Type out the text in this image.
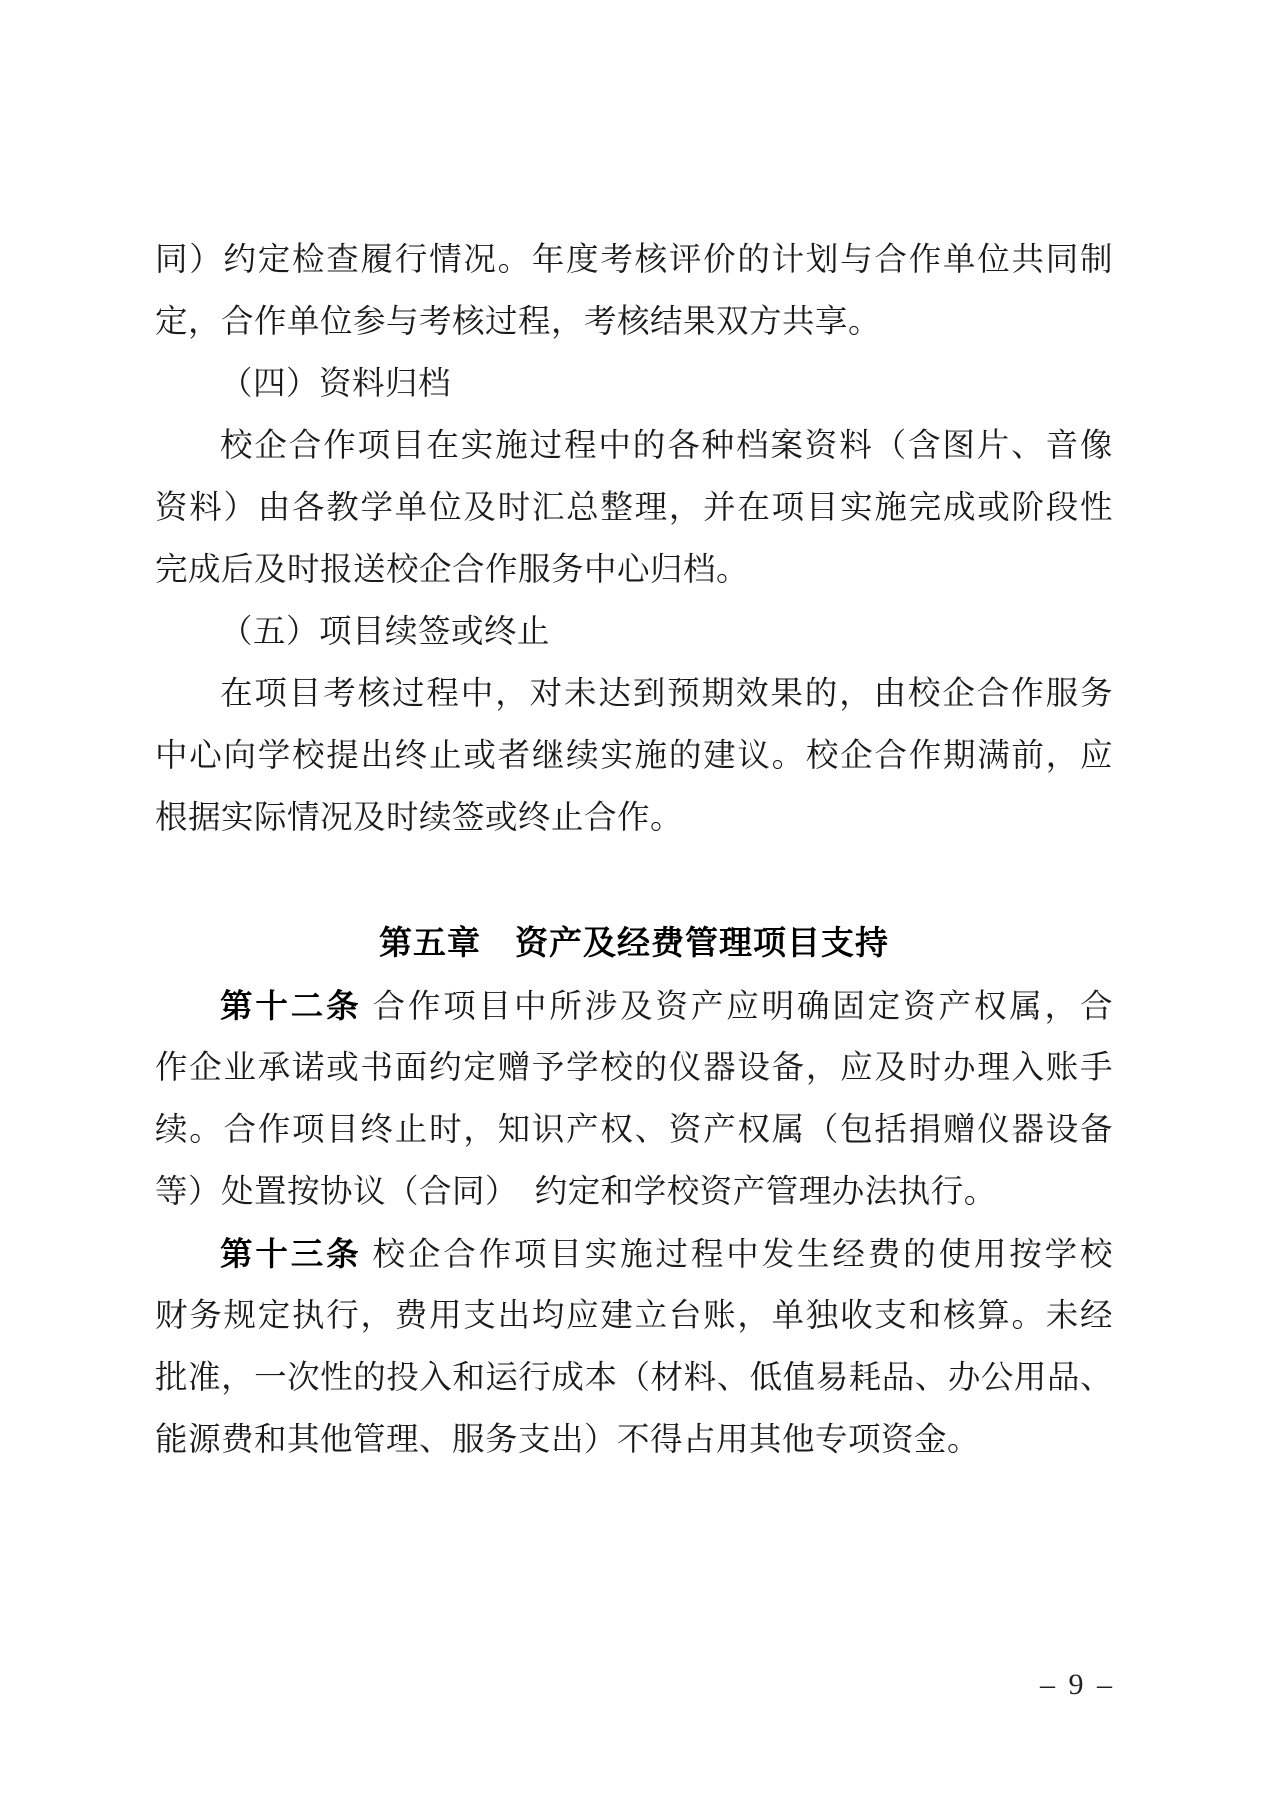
同）约定检查履行情况。年度考核评价的计划与合作单位共同制
定，合作单位参与考核过程，考核结果双方共享。
（四）资料归档
校企合作项目在实施过程中的各种档案资料（含图片、音像
资料）由各教学单位及时汇总整理，并在项目实施完成或阶段性
完成后及时报送校企合作服务中心归档。
（五）项目续签或终止
在项目考核过程中，对未达到预期效果的，由校企合作服务
中心向学校提出终止或者继续实施的建议。校企合作期满前，应
根据实际情况及时续签或终止合作。
第五章　资产及经费管理项目支持
第十二条 合作项目中所涉及资产应明确固定资产权属，合
作企业承诺或书面约定赠予学校的仪器设备，应及时办理入账手
续。合作项目终止时，知识产权、资产权属（包括捐赠仪器设备
等）处置按协议（合同）　约定和学校资产管理办法执行。
第十三条 校企合作项目实施过程中发生经费的使用按学校
财务规定执行，费用支出均应建立台账，单独收支和核算。未经
批准，一次性的投入和运行成本（材料、低值易耗品、办公用品、
能源费和其他管理、服务支出）不得占用其他专项资金。
– 9 –
